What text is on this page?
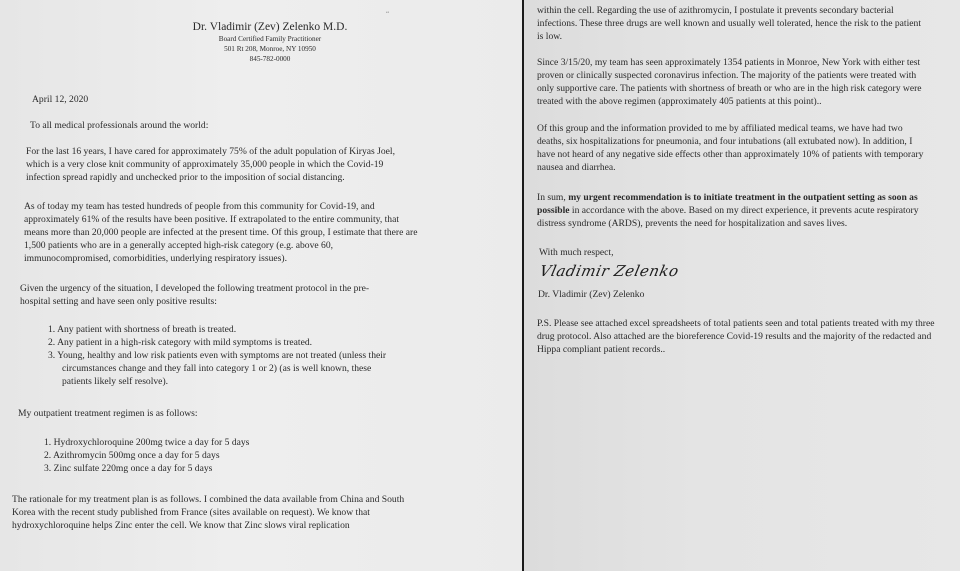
“
Dr. Vladimir (Zev) Zelenko M.D.
Board Certified Family Practitioner
501 Rt 208, Monroe, NY 10950
845-782-0000

April 12, 2020

To all medical professionals around the world:

For the last 16 years, I have cared for approximately 75% of the adult population of Kiryas Joel, which is a very close knit community of approximately 35,000 people in which the Covid-19 infection spread rapidly and unchecked prior to the imposition of social distancing.

As of today my team has tested hundreds of people from this community for Covid-19, and approximately 61% of the results have been positive. If extrapolated to the entire community, that means more than 20,000 people are infected at the present time. Of this group, I estimate that there are 1,500 patients who are in a generally accepted high-risk category (e.g. above 60, immunocompromised, comorbidities, underlying respiratory issues).

Given the urgency of the situation, I developed the following treatment protocol in the pre-hospital setting and have seen only positive results:

1. Any patient with shortness of breath is treated.
2. Any patient in a high-risk category with mild symptoms is treated.
3. Young, healthy and low risk patients even with symptoms are not treated (unless their circumstances change and they fall into category 1 or 2) (as is well known, these patients likely self resolve).

My outpatient treatment regimen is as follows:

1. Hydroxychloroquine 200mg twice a day for 5 days
2. Azithromycin 500mg once a day for 5 days
3. Zinc sulfate 220mg once a day for 5 days

The rationale for my treatment plan is as follows. I combined the data available from China and South Korea with the recent study published from France (sites available on request). We know that hydroxychloroquine helps Zinc enter the cell. We know that Zinc slows viral replication

within the cell. Regarding the use of azithromycin, I postulate it prevents secondary bacterial infections. These three drugs are well known and usually well tolerated, hence the risk to the patient is low.

Since 3/15/20, my team has seen approximately 1354 patients in Monroe, New York with either test proven or clinically suspected coronavirus infection. The majority of the patients were treated with only supportive care. The patients with shortness of breath or who are in the high risk category were treated with the above regimen (approximately 405 patients at this point)..

Of this group and the information provided to me by affiliated medical teams, we have had two deaths, six hospitalizations for pneumonia, and four intubations (all extubated now). In addition, I have not heard of any negative side effects other than approximately 10% of patients with temporary nausea and diarrhea.

In sum, my urgent recommendation is to initiate treatment in the outpatient setting as soon as possible in accordance with the above. Based on my direct experience, it prevents acute respiratory distress syndrome (ARDS), prevents the need for hospitalization and saves lives.

With much respect,

Vladimir Zelenko

Dr. Vladimir (Zev) Zelenko

P.S. Please see attached excel spreadsheets of total patients seen and total patients treated with my three drug protocol. Also attached are the bioreference Covid-19 results and the majority of the redacted and Hippa compliant patient records..
